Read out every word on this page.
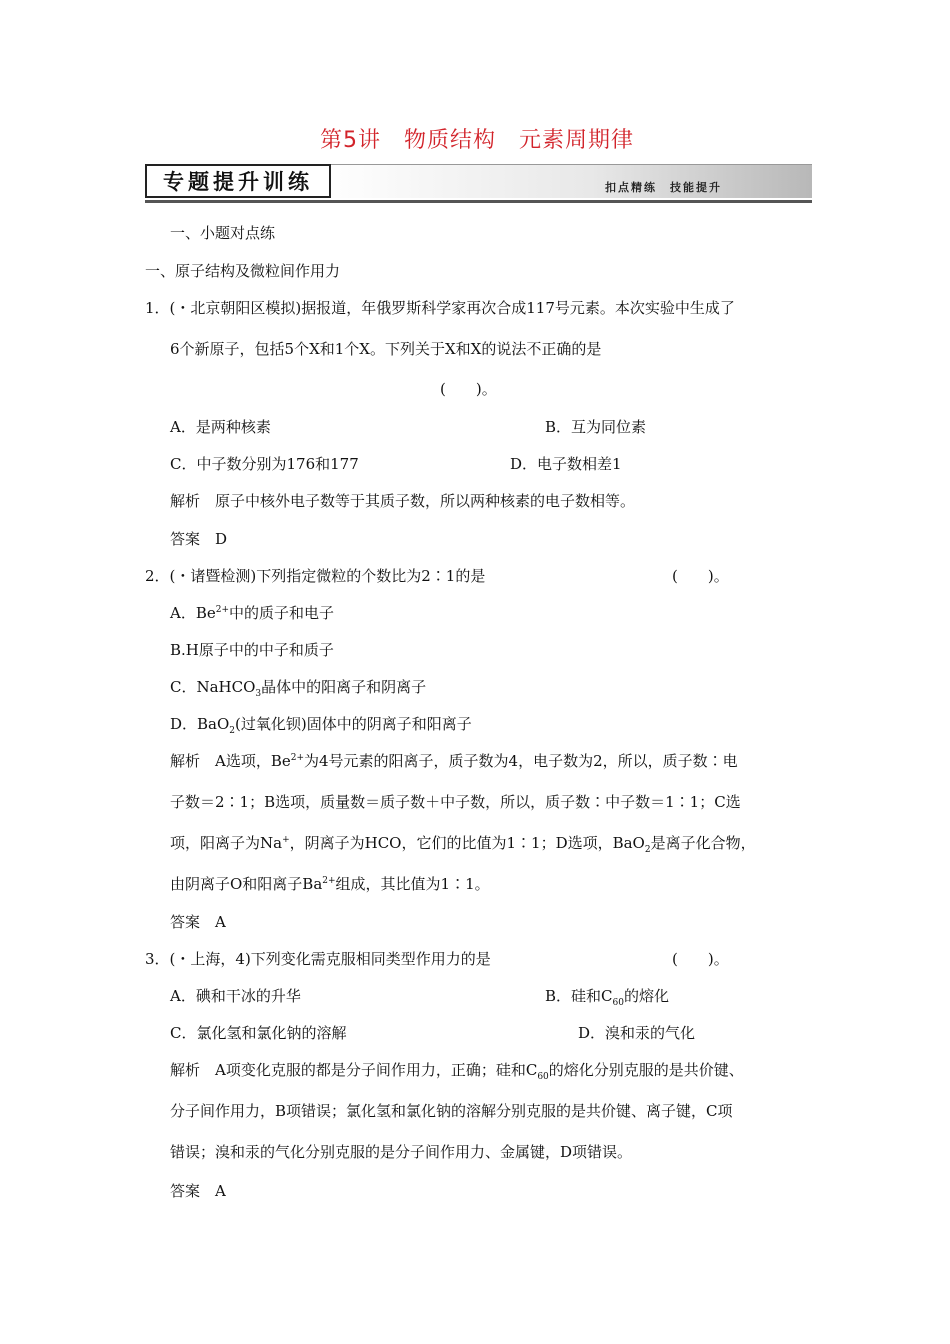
第5讲　物质结构　元素周期律
扣点精练　技能提升
专题提升训练
一、小题对点练
一、原子结构及微粒间作用力
1．(・北京朝阳区模拟)据报道，年俄罗斯科学家再次合成117号元素。本次实验中生成了
6个新原子，包括5个X和1个X。下列关于X和X的说法不正确的是
(　　)。
A．是两种核素	B．互为同位素
C．中子数分别为176和177	D．电子数相差1
解析　原子中核外电子数等于其质子数，所以两种核素的电子数相等。
答案　D
2．(・诸暨检测)下列指定微粒的个数比为2∶1的是	(　　)。
A．$Be^{2+}$中的质子和电子
B.H原子中的中子和质子
C．NaHCO$_3$晶体中的阳离子和阴离子
D．BaO$_2$(过氧化钡)固体中的阴离子和阳离子
解析　A选项，$Be^{2+}$为4号元素的阳离子，质子数为4，电子数为2，所以，质子数∶电
子数＝2∶1；B选项，质量数＝质子数＋中子数，所以，质子数∶中子数＝1∶1；C选
项，阳离子为Na+，阴离子为HCO，它们的比值为1∶1；D选项，BaO$_2$是离子化合物，
由阴离子O和阳离子$Ba^{2+}$组成，其比值为1∶1。
答案　A
3．(・上海，4)下列变化需克服相同类型作用力的是	(　　)。
A．碘和干冰的升华	B．硅和$C_{60}$的熔化
C．氯化氢和氯化钠的溶解	D．溴和汞的气化
解析　A项变化克服的都是分子间作用力，正确；硅和$C_{60}$的熔化分别克服的是共价键、
分子间作用力，B项错误；氯化氢和氯化钠的溶解分别克服的是共价键、离子键，C项
错误；溴和汞的气化分别克服的是分子间作用力、金属键，D项错误。
答案　A
